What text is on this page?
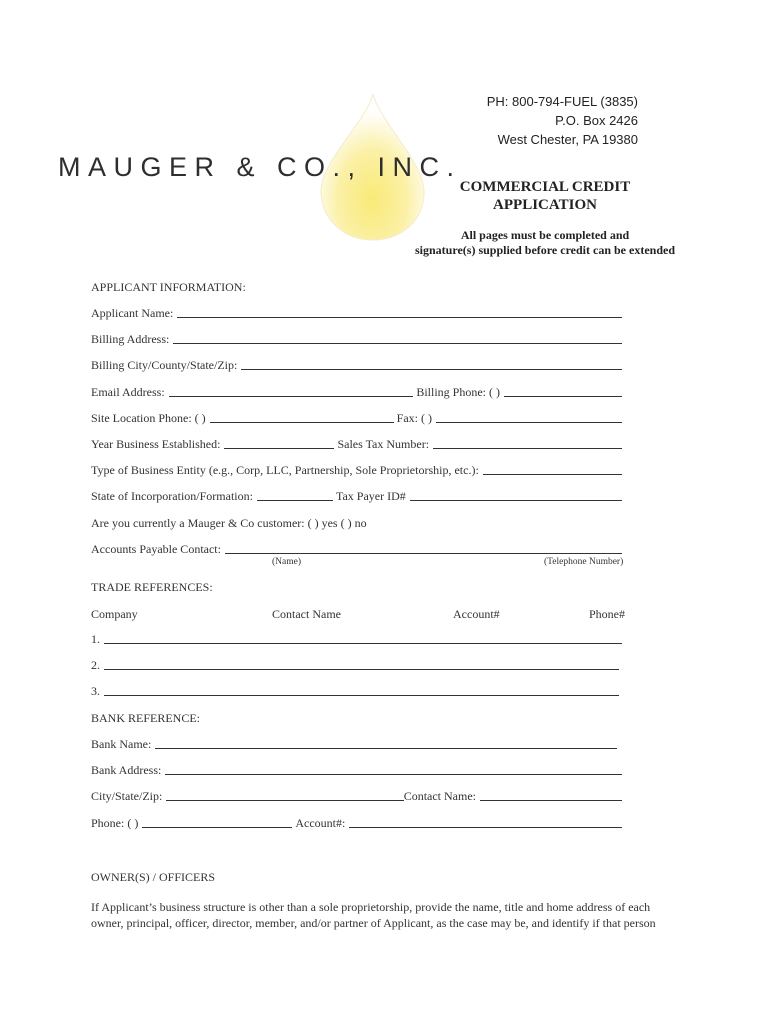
MAUGER & CO., INC.
PH: 800-794-FUEL (3835)
P.O. Box 2426
West Chester, PA 19380
COMMERCIAL CREDIT
APPLICATION
All pages must be completed and
signature(s) supplied before credit can be extended
APPLICANT INFORMATION:
Applicant Name:
Billing Address:
Billing City/County/State/Zip:
Email Address:	Billing Phone: ( )
Site Location Phone: ( )	Fax: ( )
Year Business Established:	Sales Tax Number:
Type of Business Entity (e.g., Corp, LLC, Partnership, Sole Proprietorship, etc.):
State of Incorporation/Formation:	Tax Payer ID#
Are you currently a Mauger & Co customer: ( ) yes ( ) no
Accounts Payable Contact:
(Name)	(Telephone Number)
TRADE REFERENCES:
Company	Contact Name	Account#	Phone#
1.
2.
3.
BANK REFERENCE:
Bank Name:
Bank Address:
City/State/Zip:	Contact Name:
Phone: ( )	Account#:
OWNER(S) / OFFICERS
If Applicant’s business structure is other than a sole proprietorship, provide the name, title and home address of each
owner, principal, officer, director, member, and/or partner of Applicant, as the case may be, and identify if that person
